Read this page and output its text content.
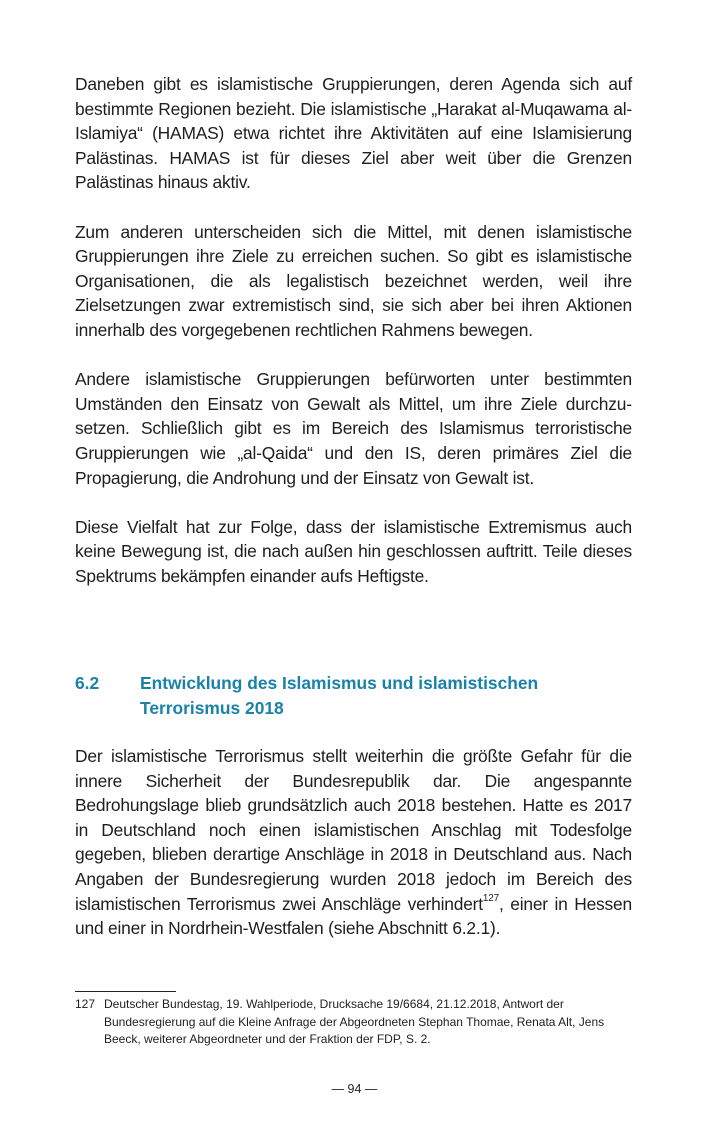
Daneben gibt es islamistische Gruppierungen, deren Agenda sich auf bestimmte Regionen bezieht. Die islamistische „Harakat al-Muqawama al-Islamiya“ (HAMAS) etwa richtet ihre Aktivitäten auf eine Islamisierung Palästinas. HAMAS ist für dieses Ziel aber weit über die Grenzen Palästinas hinaus aktiv.

Zum anderen unterscheiden sich die Mittel, mit denen islamistische Gruppierungen ihre Ziele zu erreichen suchen. So gibt es islamistische Organisationen, die als legalistisch bezeichnet werden, weil ihre Zielsetzungen zwar extremistisch sind, sie sich aber bei ihren Aktionen innerhalb des vorgegebenen rechtlichen Rahmens bewegen.

Andere islamistische Gruppierungen befürworten unter bestimmten Umständen den Einsatz von Gewalt als Mittel, um ihre Ziele durchzusetzen. Schließlich gibt es im Bereich des Islamismus terroristische Gruppierungen wie „al-Qaida“ und den IS, deren primäres Ziel die Propagierung, die Androhung und der Einsatz von Gewalt ist.

Diese Vielfalt hat zur Folge, dass der islamistische Extremismus auch keine Bewegung ist, die nach außen hin geschlossen auftritt. Teile dieses Spektrums bekämpfen einander aufs Heftigste.

6.2	Entwicklung des Islamismus und islamistischen Terrorismus 2018

Der islamistische Terrorismus stellt weiterhin die größte Gefahr für die innere Sicherheit der Bundesrepublik dar. Die angespannte Bedrohungslage blieb grundsätzlich auch 2018 bestehen. Hatte es 2017 in Deutschland noch einen islamistischen Anschlag mit Todesfolge gegeben, blieben derartige Anschläge in 2018 in Deutschland aus. Nach Angaben der Bundesregierung wurden 2018 jedoch im Bereich des islamistischen Terrorismus zwei Anschläge verhindert$^{127}$, einer in Hessen und einer in Nordrhein-Westfalen (siehe Abschnitt 6.2.1).

127 Deutscher Bundestag, 19. Wahlperiode, Drucksache 19/6684, 21.12.2018, Antwort der Bundesregierung auf die Kleine Anfrage der Abgeordneten Stephan Thomae, Renata Alt, Jens Beeck, weiterer Abgeordneter und der Fraktion der FDP, S. 2.
— 94 —
